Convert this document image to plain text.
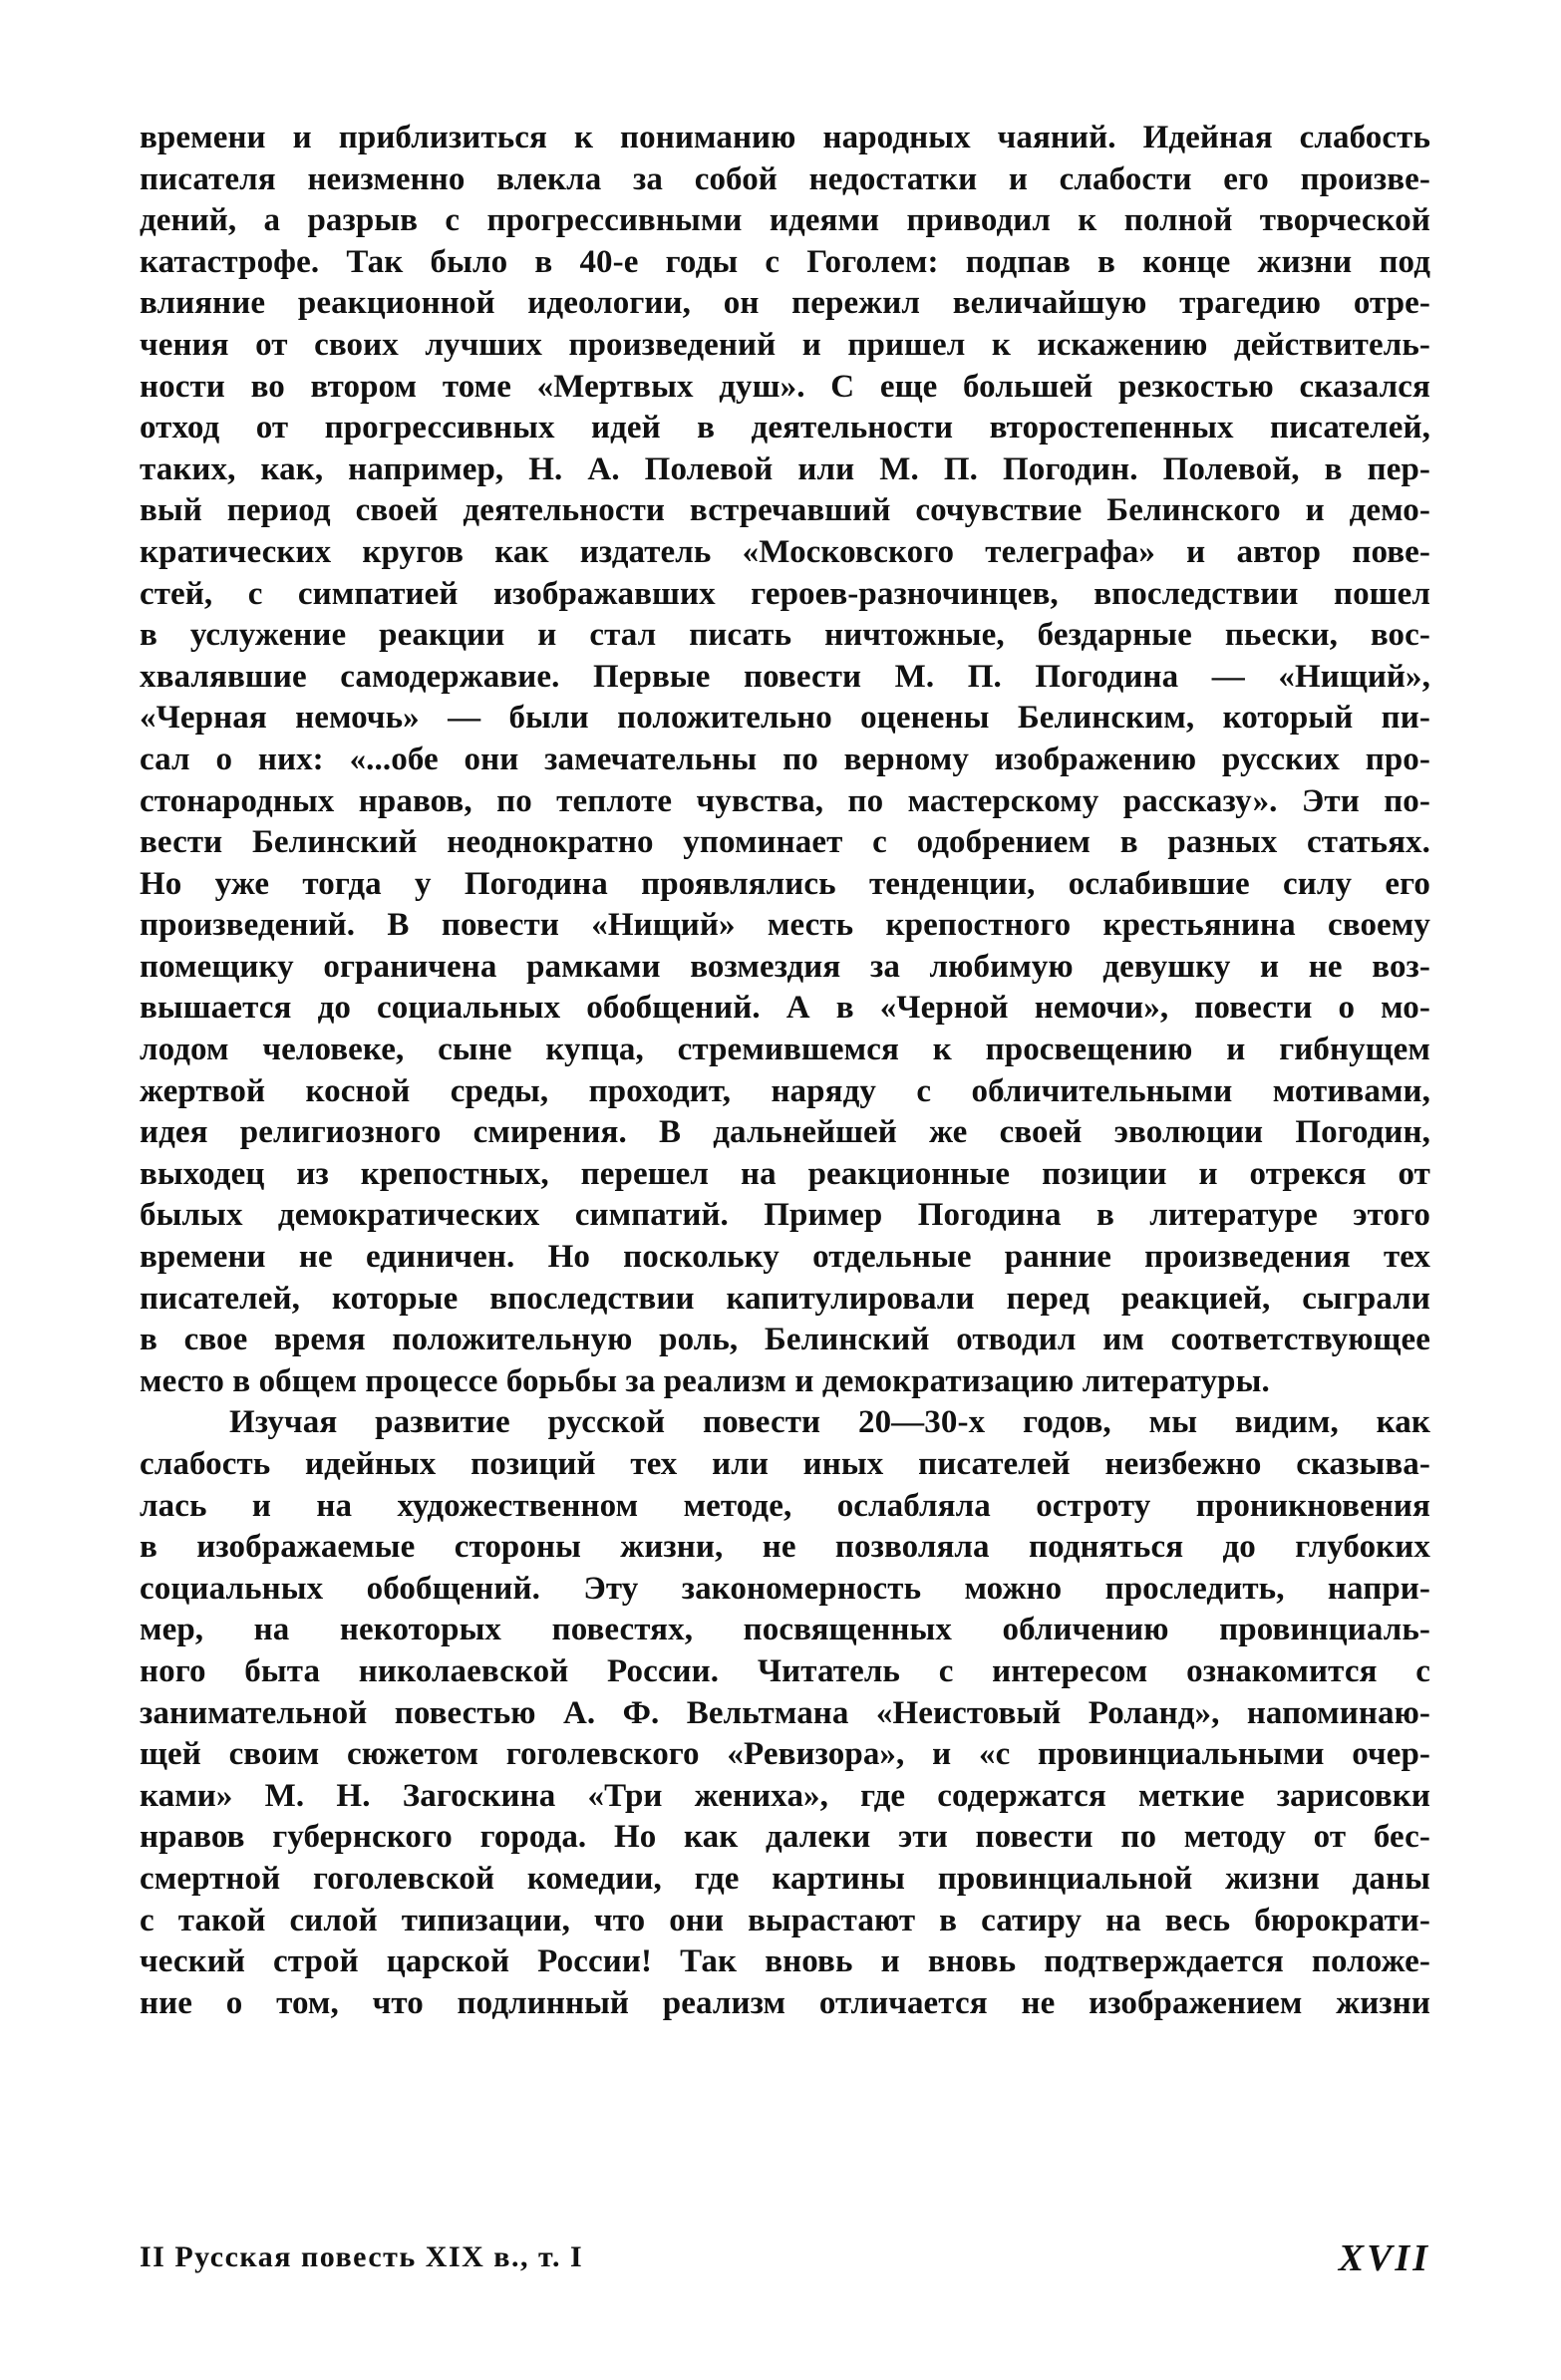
времени и приблизиться к пониманию народных чаяний. Идейная слабость
писателя неизменно влекла за собой недостатки и слабости его произве-
дений, а разрыв с прогрессивными идеями приводил к полной творческой
катастрофе. Так было в 40-е годы с Гоголем: подпав в конце жизни под
влияние реакционной идеологии, он пережил величайшую трагедию отре-
чения от своих лучших произведений и пришел к искажению действитель-
ности во втором томе «Мертвых душ». С еще большей резкостью сказался
отход от прогрессивных идей в деятельности второстепенных писателей,
таких, как, например, Н. А. Полевой или М. П. Погодин. Полевой, в пер-
вый период своей деятельности встречавший сочувствие Белинского и демо-
кратических кругов как издатель «Московского телеграфа» и автор пове-
стей, с симпатией изображавших героев-разночинцев, впоследствии пошел
в услужение реакции и стал писать ничтожные, бездарные пьески, вос-
хвалявшие самодержавие. Первые повести М. П. Погодина — «Нищий»,
«Черная немочь» — были положительно оценены Белинским, который пи-
сал о них: «...обе они замечательны по верному изображению русских про-
стонародных нравов, по теплоте чувства, по мастерскому рассказу». Эти по-
вести Белинский неоднократно упоминает с одобрением в разных статьях.
Но уже тогда у Погодина проявлялись тенденции, ослабившие силу его
произведений. В повести «Нищий» месть крепостного крестьянина своему
помещику ограничена рамками возмездия за любимую девушку и не воз-
вышается до социальных обобщений. А в «Черной немочи», повести о мо-
лодом человеке, сыне купца, стремившемся к просвещению и гибнущем
жертвой косной среды, проходит, наряду с обличительными мотивами,
идея религиозного смирения. В дальнейшей же своей эволюции Погодин,
выходец из крепостных, перешел на реакционные позиции и отрекся от
былых демократических симпатий. Пример Погодина в литературе этого
времени не единичен. Но поскольку отдельные ранние произведения тех
писателей, которые впоследствии капитулировали перед реакцией, сыграли
в свое время положительную роль, Белинский отводил им соответствующее
место в общем процессе борьбы за реализм и демократизацию литературы.
Изучая развитие русской повести 20—30-х годов, мы видим, как
слабость идейных позиций тех или иных писателей неизбежно сказыва-
лась и на художественном методе, ослабляла остроту проникновения
в изображаемые стороны жизни, не позволяла подняться до глубоких
социальных обобщений. Эту закономерность можно проследить, напри-
мер, на некоторых повестях, посвященных обличению провинциаль-
ного быта николаевской России. Читатель с интересом ознакомится с
занимательной повестью А. Ф. Вельтмана «Неистовый Роланд», напоминаю-
щей своим сюжетом гоголевского «Ревизора», и «с провинциальными очер-
ками» М. Н. Загоскина «Три жениха», где содержатся меткие зарисовки
нравов губернского города. Но как далеки эти повести по методу от бес-
смертной гоголевской комедии, где картины провинциальной жизни даны
с такой силой типизации, что они вырастают в сатиру на весь бюрократи-
ческий строй царской России! Так вновь и вновь подтверждается положе-
ние о том, что подлинный реализм отличается не изображением жизни
II Русская повесть XIX в., т. I	XVII
